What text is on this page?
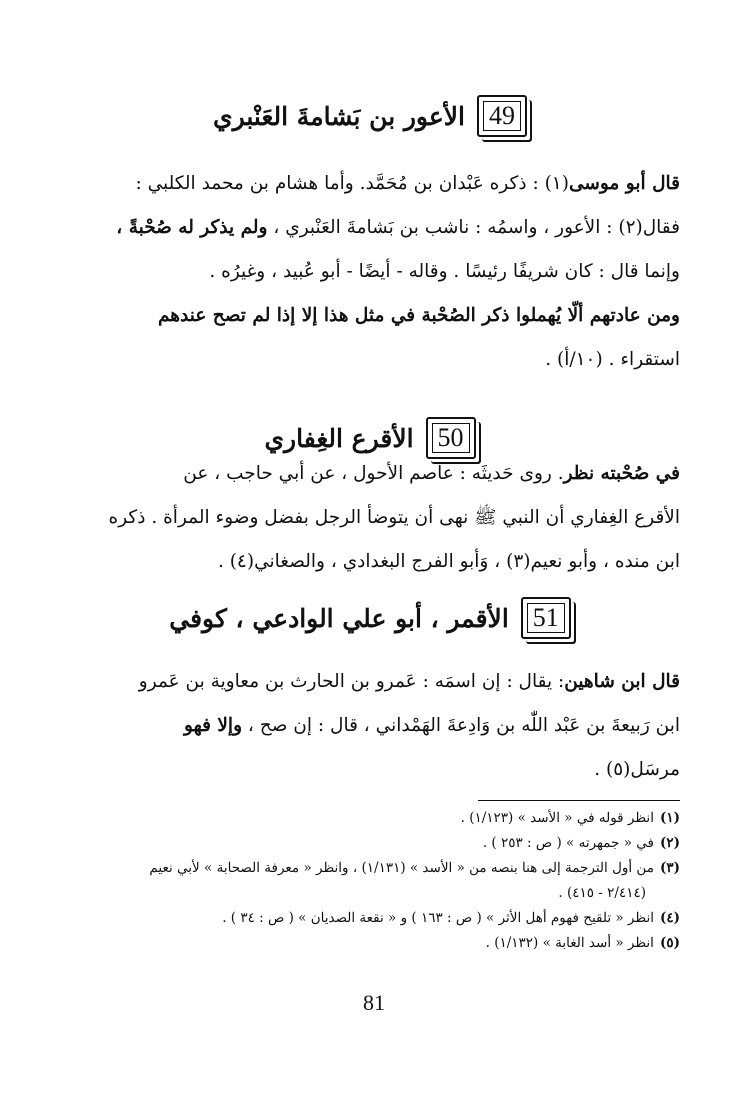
49
الأعور بن بَشامةَ العَنْبري
قال أبو موسى(١) : ذكره عَبْدان بن مُحَمَّد. وأما هشام بن محمد الكلبي :
فقال(٢) : الأعور ، واسمُه : ناشب بن بَشامةَ العَنْبري ، ولم يذكر له صُحْبةً ،
وإنما قال : كان شريفًا رئيسًا . وقاله - أيضًا - أبو عُبيد ، وغيرُه .
ومن عادتهم ألّا يُهملوا ذكر الصُحْبة في مثل هذا إلا إذا لم تصح عندهم
استقراء . (١٠/أ) .
50
الأقرع الغِفاري
في صُحْبته نظر. روى حَديثَه : عاصم الأحول ، عن أبي حاجب ، عن
الأقرع الغِفاري أن النبي ﷺ نهى أن يتوضأ الرجل بفضل وضوء المرأة . ذكره
ابن منده ، وأبو نعيم(٣) ، وَأبو الفرج البغدادي ، والصغاني(٤) .
51
الأقمر ، أبو علي الوادعي ، كوفي
قال ابن شاهين: يقال : إن اسمَه : عَمرو بن الحارث بن معاوية بن عَمرو
ابن رَبيعةَ بن عَبْد اللّٰه بن وَادِعةَ الهَمْداني ، قال : إن صح ، وإلا فهو
مرسَل(٥) .
(١)انظر قوله في « الأسد » (١/١٢٣) .
(٢)في « جمهرته » ( ص : ٢٥٣ ) .
(٣)من أول الترجمة إلى هنا بنصه من « الأسد » (١/١٣١) ، وانظر « معرفة الصحابة » لأبي نعيم
(٢/٤١٤ - ٤١٥) .
(٤)انظر « تلقيح فهوم أهل الأثر » ( ص : ١٦٣ ) و « نقعة الصديان » ( ص : ٣٤ ) .
(٥)انظر « أسد الغابة » (١/١٣٢) .
81
